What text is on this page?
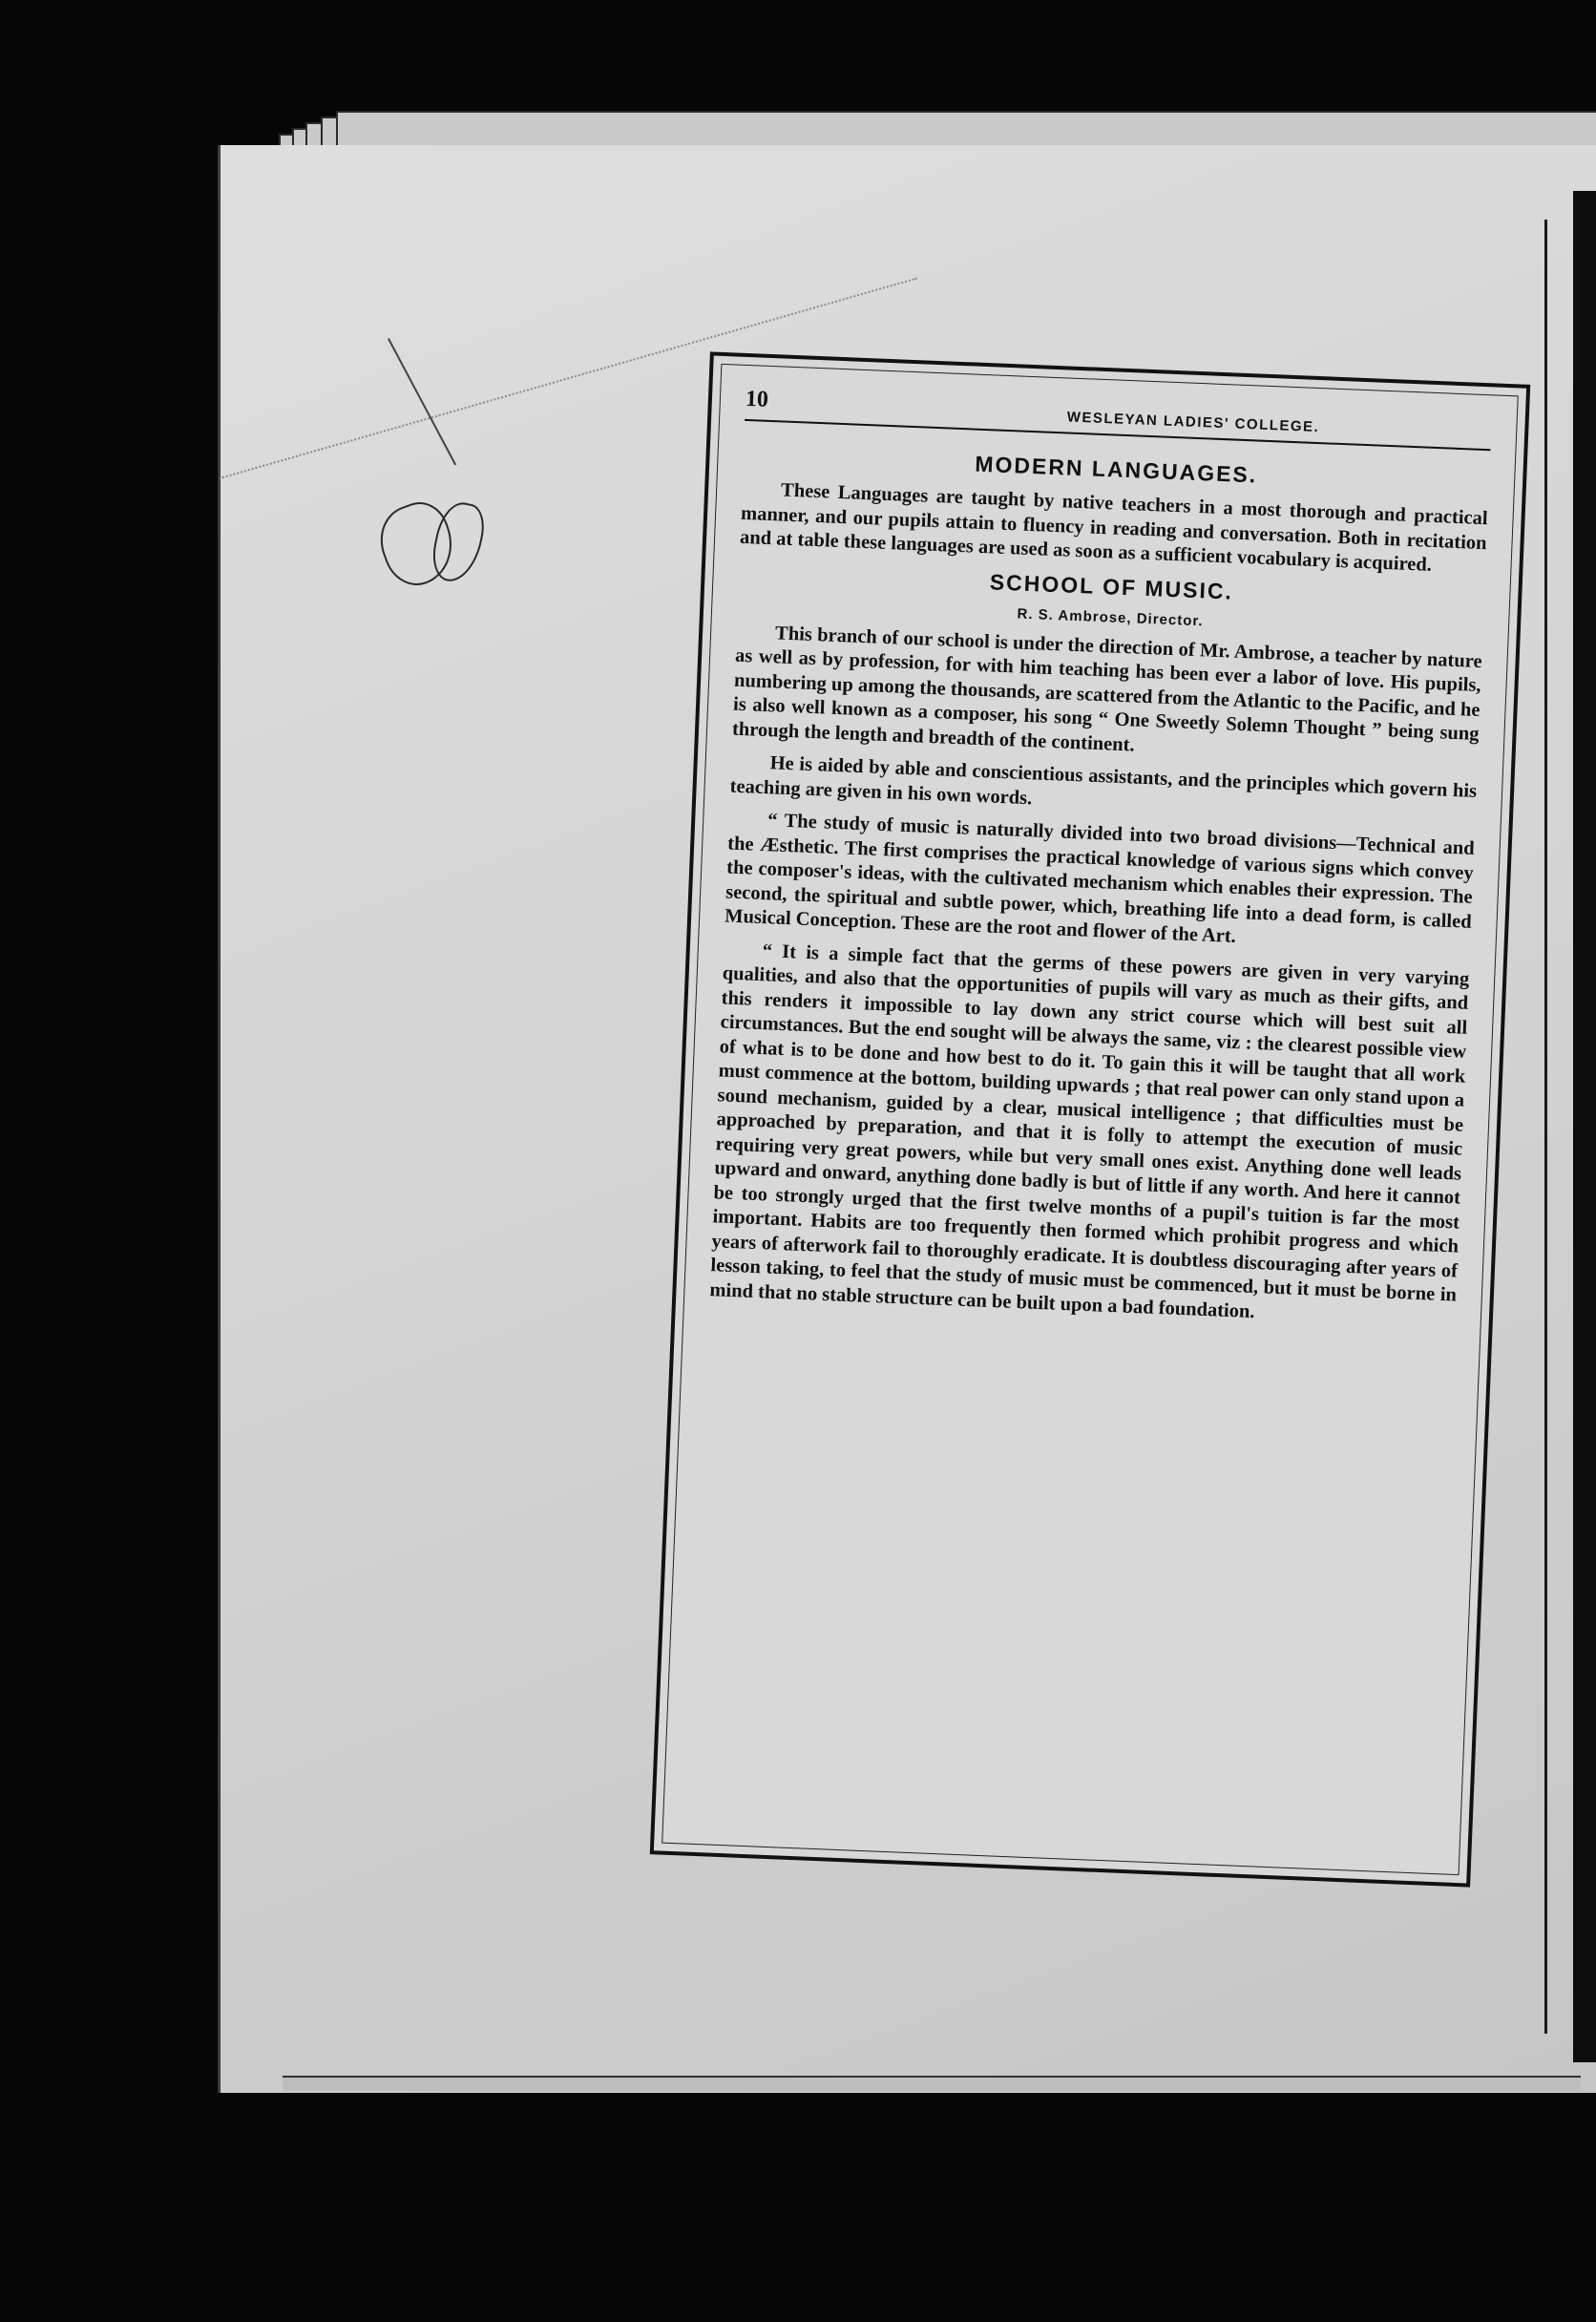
10
WESLEYAN LADIES' COLLEGE.
MODERN LANGUAGES.

These Languages are taught by native teachers in a most thorough and practical manner, and our pupils attain to fluency in reading and conversation. Both in recitation and at table these languages are used as soon as a sufficient vocabulary is acquired.

SCHOOL OF MUSIC.
R. S. Ambrose, Director.

This branch of our school is under the direction of Mr. Ambrose, a teacher by nature as well as by profession, for with him teaching has been ever a labor of love. His pupils, numbering up among the thousands, are scattered from the Atlantic to the Pacific, and he is also well known as a composer, his song “ One Sweetly Solemn Thought ” being sung through the length and breadth of the continent.

He is aided by able and conscientious assistants, and the principles which govern his teaching are given in his own words.

“ The study of music is naturally divided into two broad divisions—Technical and the Æsthetic. The first comprises the practical knowledge of various signs which convey the composer's ideas, with the cultivated mechanism which enables their expression. The second, the spiritual and subtle power, which, breathing life into a dead form, is called Musical Conception. These are the root and flower of the Art.

“ It is a simple fact that the germs of these powers are given in very varying qualities, and also that the opportunities of pupils will vary as much as their gifts, and this renders it impossible to lay down any strict course which will best suit all circumstances. But the end sought will be always the same, viz : the clearest possible view of what is to be done and how best to do it. To gain this it will be taught that all work must commence at the bottom, building upwards ; that real power can only stand upon a sound mechanism, guided by a clear, musical intelligence ; that difficulties must be approached by preparation, and that it is folly to attempt the execution of music requiring very great powers, while but very small ones exist. Anything done well leads upward and onward, anything done badly is but of little if any worth. And here it cannot be too strongly urged that the first twelve months of a pupil's tuition is far the most important. Habits are too frequently then formed which prohibit progress and which years of afterwork fail to thoroughly eradicate. It is doubtless discouraging after years of lesson taking, to feel that the study of music must be commenced, but it must be borne in mind that no stable structure can be built upon a bad foundation.
